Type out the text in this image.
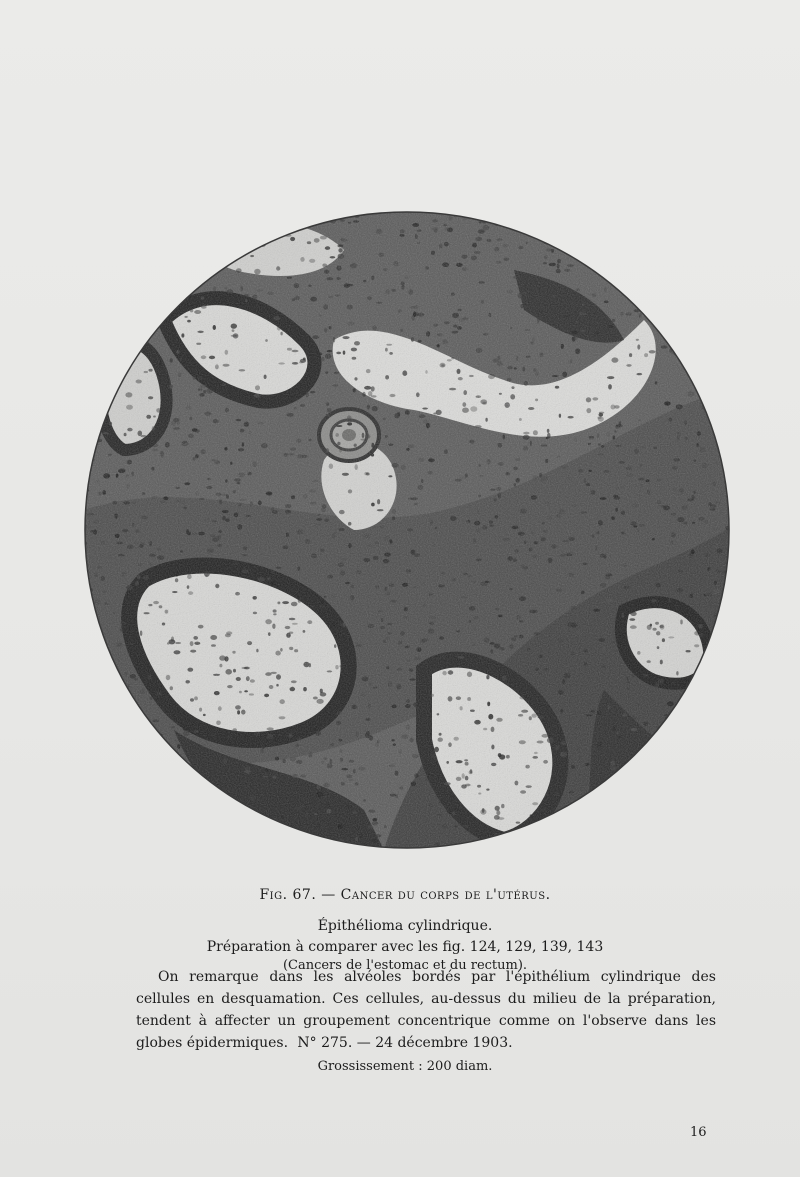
Fig. 67. — Cancer du corps de l'utérus.
Épithélioma cylindrique.
Préparation à comparer avec les fig. 124, 129, 139, 143
(Cancers de l'estomac et du rectum).
On remarque dans les alvéoles bordés par l'épithélium cylindrique des cellules en desquamation. Ces cellules, au-dessus du milieu de la préparation, tendent à affecter un groupement concentrique comme on l'observe dans les globes épidermiques. N° 275. — 24 décembre 1903.
Grossissement : 200 diam.
16
